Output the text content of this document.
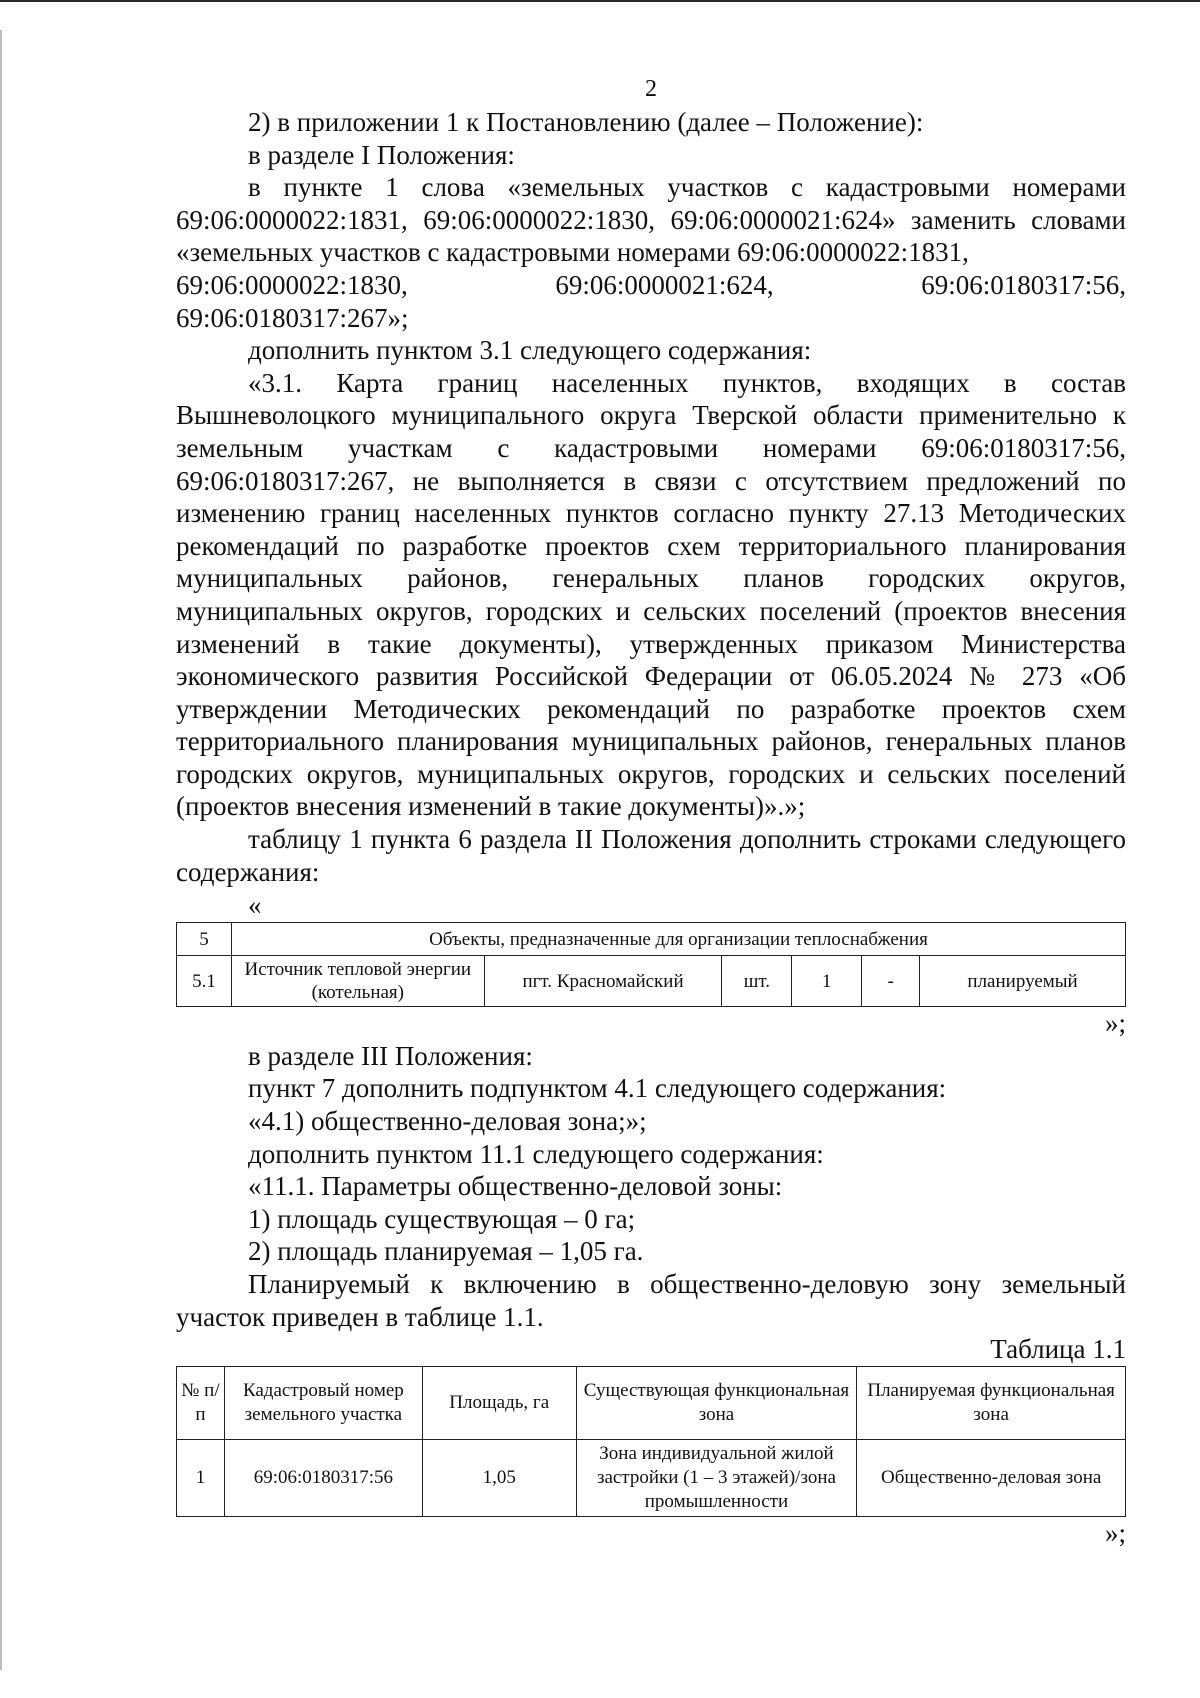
2

2) в приложении 1 к Постановлению (далее – Положение):

в разделе I Положения:

в пункте 1 слова «земельных участков с кадастровыми номерами 69:06:0000022:1831, 69:06:0000022:1830, 69:06:0000021:624» заменить словами «земельных участков с кадастровыми номерами 69:06:0000022:1831,

69:06:0000022:1830, 69:06:0000021:624, 69:06:0180317:56,

69:06:0180317:267»;

дополнить пунктом 3.1 следующего содержания:

«3.1. Карта границ населенных пунктов, входящих в состав Вышневолоцкого муниципального округа Тверской области применительно к земельным участкам с кадастровыми номерами 69:06:0180317:56, 69:06:0180317:267, не выполняется в связи с отсутствием предложений по изменению границ населенных пунктов согласно пункту 27.13 Методических рекомендаций по разработке проектов схем территориального планирования муниципальных районов, генеральных планов городских округов, муниципальных округов, городских и сельских поселений (проектов внесения изменений в такие документы), утвержденных приказом Министерства экономического развития Российской Федерации от 06.05.2024 № 273 «Об утверждении Методических рекомендаций по разработке проектов схем территориального планирования муниципальных районов, генеральных планов городских округов, муниципальных округов, городских и сельских поселений (проектов внесения изменений в такие документы)».»;

таблицу 1 пункта 6 раздела II Положения дополнить строками следующего содержания:

«
5	Объекты, предназначенные для организации теплоснабжения					
5.1	Источник тепловой энергии (котельная)	пгт. Красномайский	шт.	1	-	планируемый

»;

в разделе III Положения:

пункт 7 дополнить подпунктом 4.1 следующего содержания:

«4.1) общественно-деловая зона;»;

дополнить пунктом 11.1 следующего содержания:

«11.1. Параметры общественно-деловой зоны:

1) площадь существующая – 0 га;

2) площадь планируемая – 1,05 га.

Планируемый к включению в общественно-деловую зону земельный участок приведен в таблице 1.1.

Таблица 1.1

№ п/п	Кадастровый номер земельного участка	Площадь, га	Существующая функциональная зона	Планируемая функциональная зона
1	69:06:0180317:56	1,05	Зона индивидуальной жилой застройки (1 – 3 этажей)/зона промышленности	Общественно-деловая зона

»;
